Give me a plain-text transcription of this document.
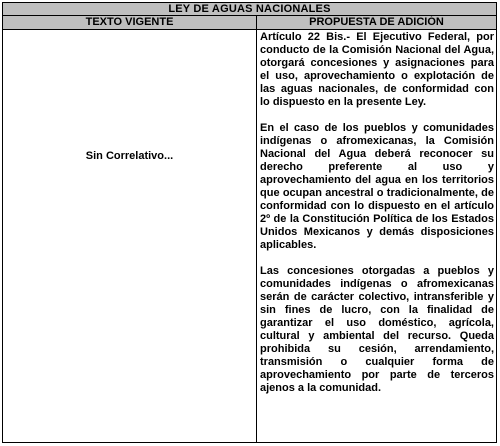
LEY DE AGUAS NACIONALES
TEXTO VIGENTE	PROPUESTA DE ADICIÓN
Sin Correlativo...

Artículo 22 Bis.- El Ejecutivo Federal, por conducto de la Comisión Nacional del Agua, otorgará concesiones y asignaciones para el uso, aprovechamiento o explotación de las aguas nacionales, de conformidad con lo dispuesto en la presente Ley.

En el caso de los pueblos y comunidades indígenas o afromexicanas, la Comisión Nacional del Agua deberá reconocer su derecho preferente al uso y aprovechamiento del agua en los territorios que ocupan ancestral o tradicionalmente, de conformidad con lo dispuesto en el artículo 2º de la Constitución Política de los Estados Unidos Mexicanos y demás disposiciones aplicables.

Las concesiones otorgadas a pueblos y comunidades indígenas o afromexicanas serán de carácter colectivo, intransferible y sin fines de lucro, con la finalidad de garantizar el uso doméstico, agrícola, cultural y ambiental del recurso. Queda prohibida su cesión, arrendamiento, transmisión o cualquier forma de aprovechamiento por parte de terceros ajenos a la comunidad.
